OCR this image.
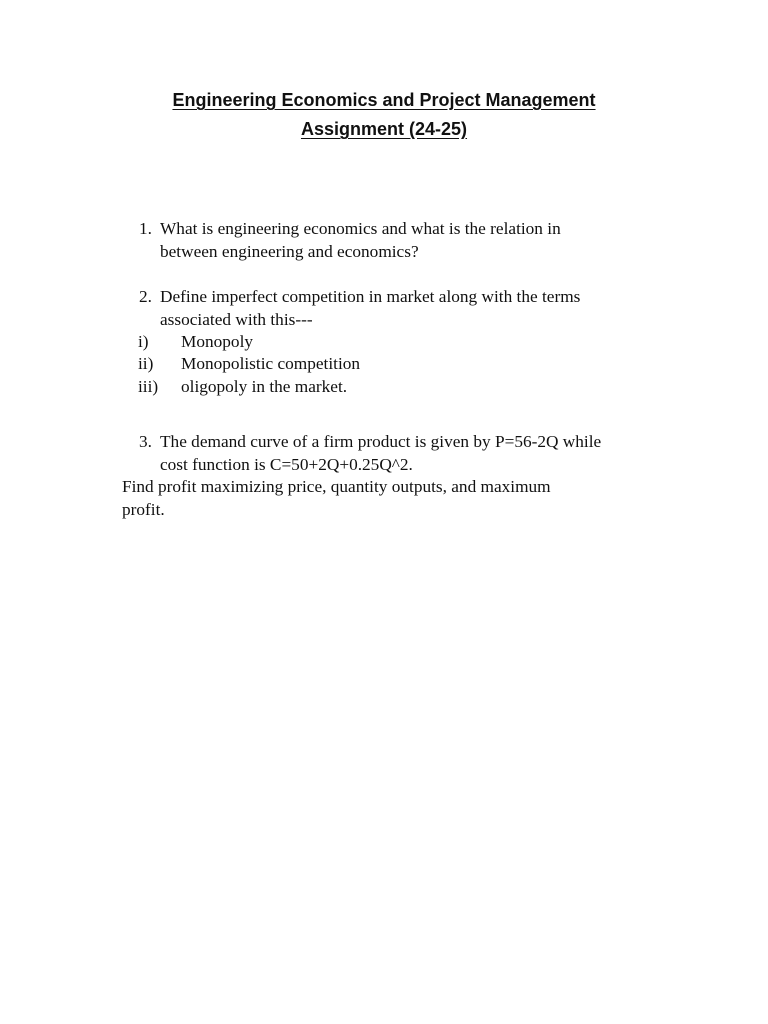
Engineering Economics and Project Management
Assignment (24-25)
1. What is engineering economics and what is the relation in
between engineering and economics?
2. Define imperfect competition in market along with the terms
associated with this---
i) Monopoly
ii) Monopolistic competition
iii) oligopoly in the market.
3. The demand curve of a firm product is given by P=56-2Q while
cost function is C=50+2Q+0.25Q^2.
Find profit maximizing price, quantity outputs, and maximum
profit.
